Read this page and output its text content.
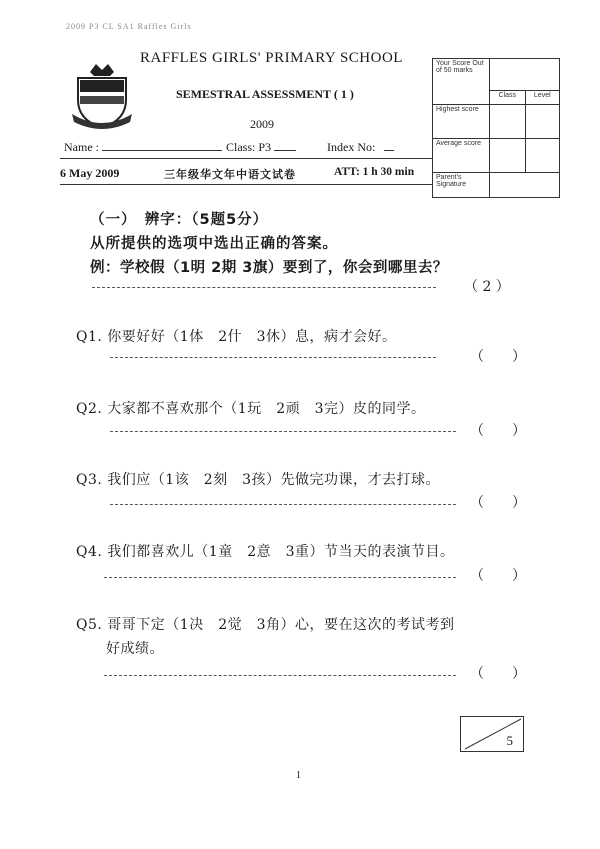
2009 P3 CL SA1 Raffles Girls
RAFFLES GIRLS' PRIMARY SCHOOL
SEMESTRAL ASSESSMENT ( 1 )
2009
Name :	Class: P3	Index No:
6 May 2009	三年级华文年中语文试卷	ATT: 1 h 30 min
Your Score Out of 50 marks		
	Class	Level
Highest score		
Average score		
Parent's Signature		
（一）　辨字：（5题5分）
从所提供的选项中选出正确的答案。
例：学校假（1明 2期 3旗）要到了，你会到哪里去？
（ 2 ）
Q1. 你要好好（1体　2什　3休）息，病才会好。
（　　）
Q2. 大家都不喜欢那个（1玩　2顽　3完）皮的同学。
（　　）
Q3. 我们应（1该　2刻　3孩）先做完功课，才去打球。
（　　）
Q4. 我们都喜欢儿（1童　2意　3重）节当天的表演节目。
（　　）
Q5. 哥哥下定（1决　2觉　3角）心，要在这次的考试考到
好成绩。
（　　）
5
1
